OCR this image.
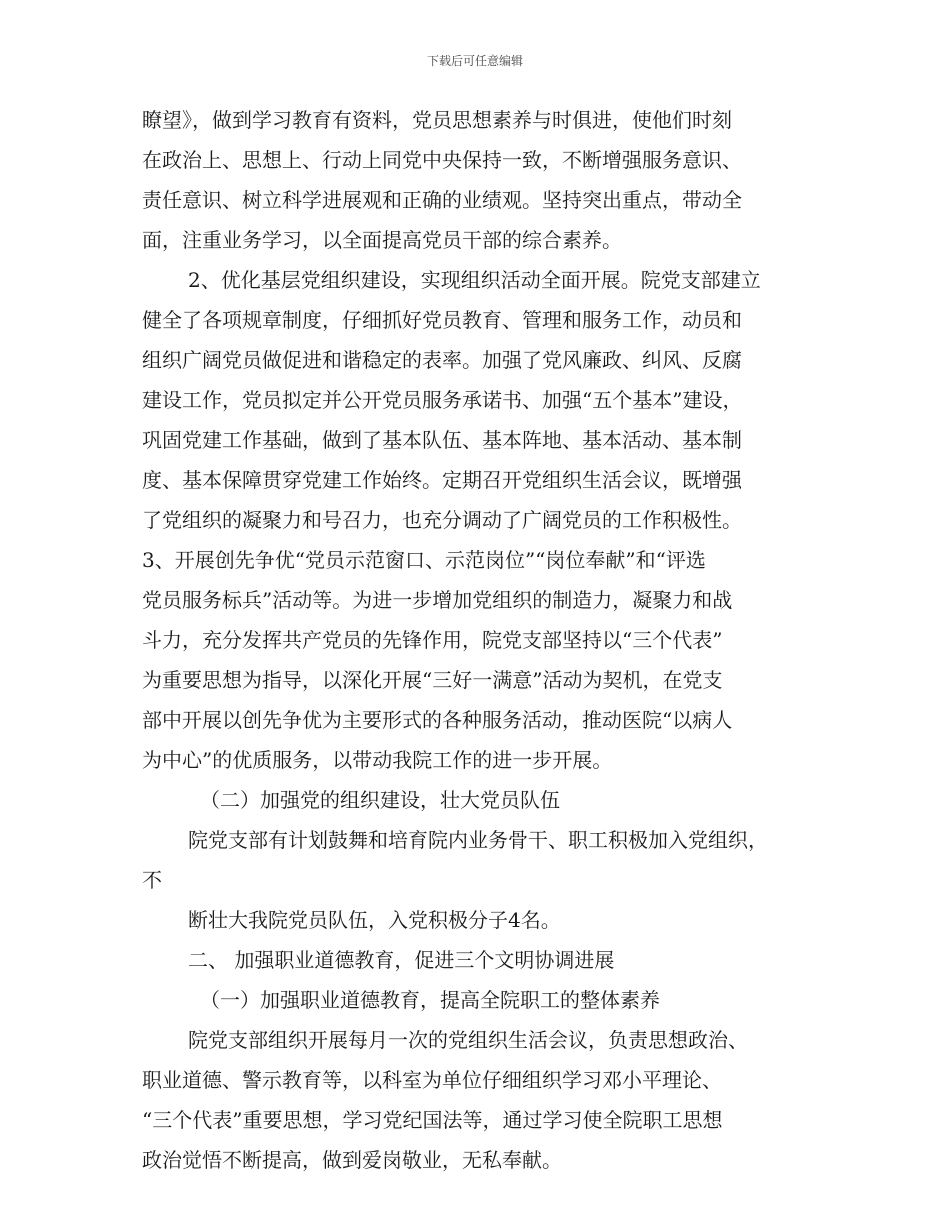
下载后可任意编辑
瞭望》，做到学习教育有资料，党员思想素养与时俱进，使他们时刻
在政治上、思想上、行动上同党中央保持一致，不断增强服务意识、
责任意识、树立科学进展观和正确的业绩观。坚持突出重点，带动全
面，注重业务学习，以全面提高党员干部的综合素养。
2、优化基层党组织建设，实现组织活动全面开展。院党支部建立
健全了各项规章制度，仔细抓好党员教育、管理和服务工作，动员和
组织广阔党员做促进和谐稳定的表率。加强了党风廉政、纠风、反腐
建设工作，党员拟定并公开党员服务承诺书、加强“五个基本”建设，
巩固党建工作基础，做到了基本队伍、基本阵地、基本活动、基本制
度、基本保障贯穿党建工作始终。定期召开党组织生活会议，既增强
了党组织的凝聚力和号召力，也充分调动了广阔党员的工作积极性。
3、开展创先争优“党员示范窗口、示范岗位”“岗位奉献”和“评选
党员服务标兵”活动等。为进一步增加党组织的制造力，凝聚力和战
斗力，充分发挥共产党员的先锋作用，院党支部坚持以“三个代表”
为重要思想为指导，以深化开展“三好一满意”活动为契机，在党支
部中开展以创先争优为主要形式的各种服务活动，推动医院“以病人
为中心”的优质服务，以带动我院工作的进一步开展。
（二）加强党的组织建设，壮大党员队伍
院党支部有计划鼓舞和培育院内业务骨干、职工积极加入党组织，
不
断壮大我院党员队伍，入党积极分子4名。
二、 加强职业道德教育，促进三个文明协调进展
（一）加强职业道德教育，提高全院职工的整体素养
院党支部组织开展每月一次的党组织生活会议，负责思想政治、
职业道德、警示教育等，以科室为单位仔细组织学习邓小平理论、
“三个代表”重要思想，学习党纪国法等，通过学习使全院职工思想
政治觉悟不断提高，做到爱岗敬业，无私奉献。
